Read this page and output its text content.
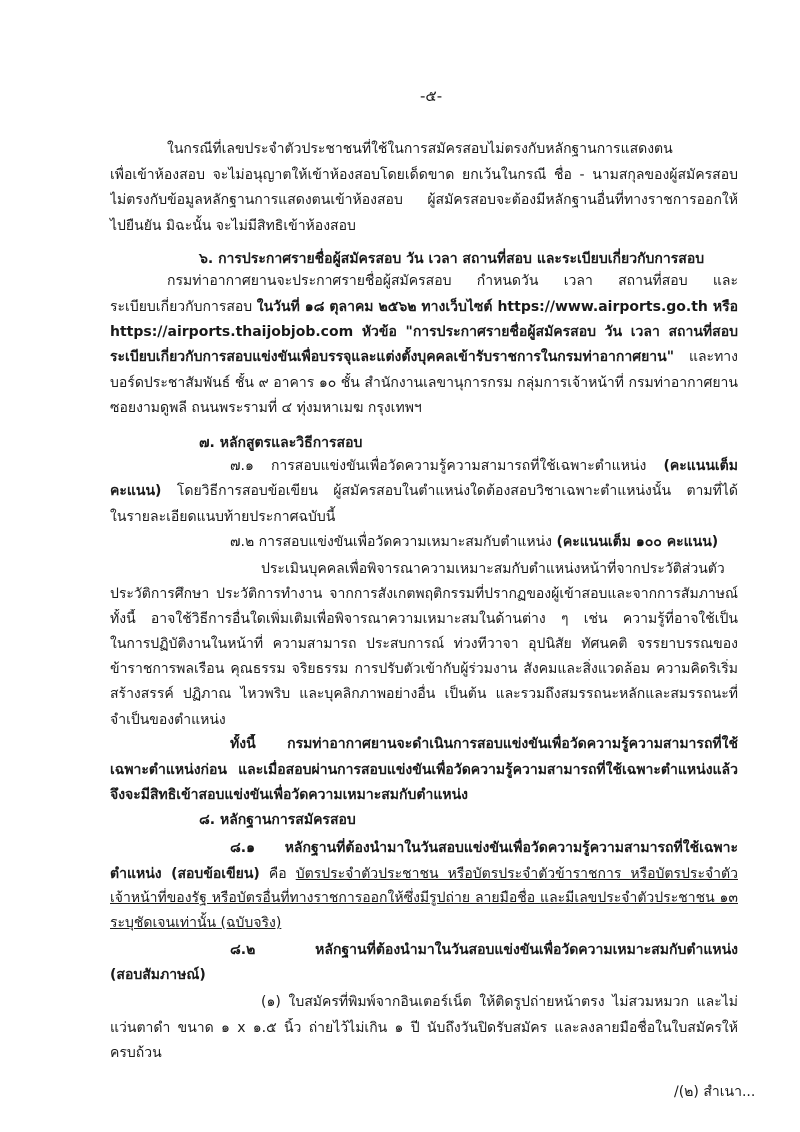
-๕-
ในกรณีที่เลขประจำตัวประชาชนที่ใช้ในการสมัครสอบไม่ตรงกับหลักฐานการแสดงตน
เพื่อเข้าห้องสอบ จะไม่อนุญาตให้เข้าห้องสอบโดยเด็ดขาด ยกเว้นในกรณี ชื่อ - นามสกุลของผู้สมัครสอบ
ไม่ตรงกับข้อมูลหลักฐานการแสดงตนเข้าห้องสอบ ผู้สมัครสอบจะต้องมีหลักฐานอื่นที่ทางราชการออกให้
ไปยืนยัน มิฉะนั้น จะไม่มีสิทธิเข้าห้องสอบ
๖. การประกาศรายชื่อผู้สมัครสอบ วัน เวลา สถานที่สอบ และระเบียบเกี่ยวกับการสอบ
กรมท่าอากาศยานจะประกาศรายชื่อผู้สมัครสอบ กำหนดวัน เวลา สถานที่สอบ และ
ระเบียบเกี่ยวกับการสอบ ในวันที่ ๑๘ ตุลาคม ๒๕๖๒ ทางเว็บไซต์ https://www.airports.go.th หรือ
https://airports.thaijobjob.com หัวข้อ "การประกาศรายชื่อผู้สมัครสอบ วัน เวลา สถานที่สอบ
ระเบียบเกี่ยวกับการสอบแข่งขันเพื่อบรรจุและแต่งตั้งบุคคลเข้ารับราชการในกรมท่าอากาศยาน" และทาง
บอร์ดประชาสัมพันธ์ ชั้น ๙ อาคาร ๑๐ ชั้น สำนักงานเลขานุการกรม กลุ่มการเจ้าหน้าที่ กรมท่าอากาศยาน
ซอยงามดูพลี ถนนพระรามที่ ๔ ทุ่งมหาเมฆ กรุงเทพฯ
๗. หลักสูตรและวิธีการสอบ
๗.๑ การสอบแข่งขันเพื่อวัดความรู้ความสามารถที่ใช้เฉพาะตำแหน่ง (คะแนนเต็ม
คะแนน) โดยวิธีการสอบข้อเขียน ผู้สมัครสอบในตำแหน่งใดต้องสอบวิชาเฉพาะตำแหน่งนั้น ตามที่ได้
ในรายละเอียดแนบท้ายประกาศฉบับนี้
๗.๒ การสอบแข่งขันเพื่อวัดความเหมาะสมกับตำแหน่ง (คะแนนเต็ม ๑๐๐ คะแนน)
ประเมินบุคคลเพื่อพิจารณาความเหมาะสมกับตำแหน่งหน้าที่จากประวัติส่วนตัว
ประวัติการศึกษา ประวัติการทำงาน จากการสังเกตพฤติกรรมที่ปรากฏของผู้เข้าสอบและจากการสัมภาษณ์
ทั้งนี้ อาจใช้วิธีการอื่นใดเพิ่มเติมเพื่อพิจารณาความเหมาะสมในด้านต่าง ๆ เช่น ความรู้ที่อาจใช้เป็น
ในการปฏิบัติงานในหน้าที่ ความสามารถ ประสบการณ์ ท่วงทีวาจา อุปนิสัย ทัศนคติ จรรยาบรรณของ
ข้าราชการพลเรือน คุณธรรม จริยธรรม การปรับตัวเข้ากับผู้ร่วมงาน สังคมและสิ่งแวดล้อม ความคิดริเริ่ม
สร้างสรรค์ ปฏิภาณ ไหวพริบ และบุคลิกภาพอย่างอื่น เป็นต้น และรวมถึงสมรรถนะหลักและสมรรถนะที่
จำเป็นของตำแหน่ง
ทั้งนี้ กรมท่าอากาศยานจะดำเนินการสอบแข่งขันเพื่อวัดความรู้ความสามารถที่ใช้
เฉพาะตำแหน่งก่อน และเมื่อสอบผ่านการสอบแข่งขันเพื่อวัดความรู้ความสามารถที่ใช้เฉพาะตำแหน่งแล้ว
จึงจะมีสิทธิเข้าสอบแข่งขันเพื่อวัดความเหมาะสมกับตำแหน่ง
๘. หลักฐานการสมัครสอบ
๘.๑ หลักฐานที่ต้องนำมาในวันสอบแข่งขันเพื่อวัดความรู้ความสามารถที่ใช้เฉพาะ
ตำแหน่ง (สอบข้อเขียน) คือ บัตรประจำตัวประชาชน หรือบัตรประจำตัวข้าราชการ หรือบัตรประจำตัว
เจ้าหน้าที่ของรัฐ หรือบัตรอื่นที่ทางราชการออกให้ซึ่งมีรูปถ่าย ลายมือชื่อ และมีเลขประจำตัวประชาชน ๑๓
ระบุชัดเจนเท่านั้น (ฉบับจริง)
๘.๒ หลักฐานที่ต้องนำมาในวันสอบแข่งขันเพื่อวัดความเหมาะสมกับตำแหน่ง
(สอบสัมภาษณ์)
(๑) ใบสมัครที่พิมพ์จากอินเตอร์เน็ต ให้ติดรูปถ่ายหน้าตรง ไม่สวมหมวก และไม่
แว่นตาดำ ขนาด ๑ x ๑.๕ นิ้ว ถ่ายไว้ไม่เกิน ๑ ปี นับถึงวันปิดรับสมัคร และลงลายมือชื่อในใบสมัครให้
ครบถ้วน
/(๒) สำเนา...
